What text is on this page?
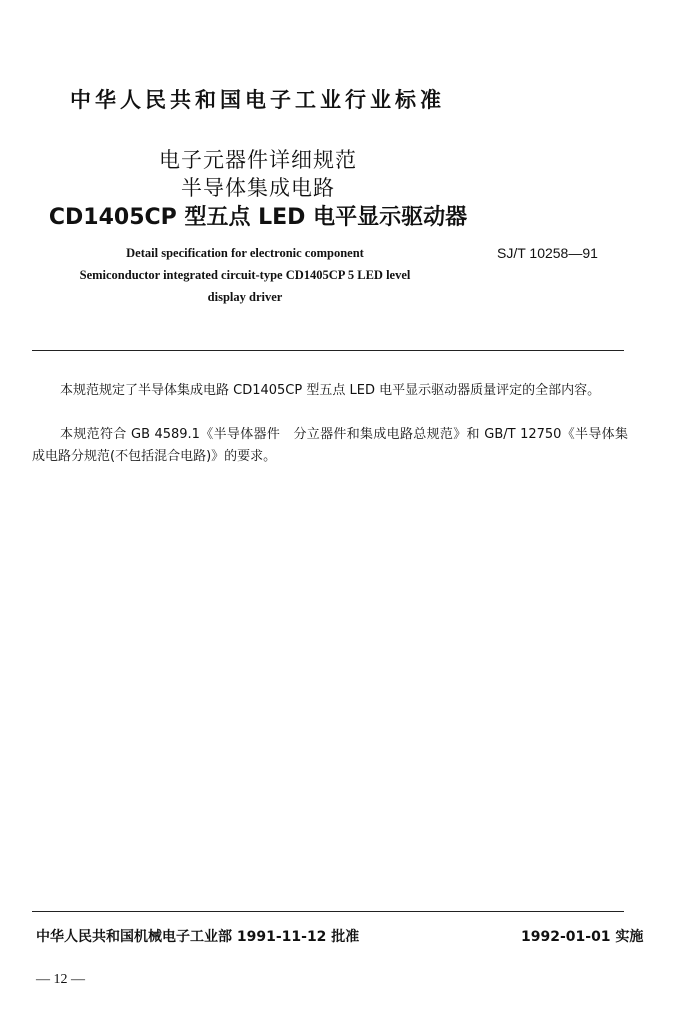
中华人民共和国电子工业行业标准
电子元器件详细规范
半导体集成电路
CD1405CP 型五点 LED 电平显示驱动器
Detail specification for electronic component
Semiconductor integrated circuit-type CD1405CP 5 LED level
display driver
SJ/T 10258—91

本规范规定了半导体集成电路 CD1405CP 型五点 LED 电平显示驱动器质量评定的全部内容。

本规范符合 GB 4589.1《半导体器件　分立器件和集成电路总规范》和 GB/T 12750《半导体集成电路分规范(不包括混合电路)》的要求。

中华人民共和国机械电子工业部 1991-11-12 批准	1992-01-01 实施
— 12 —
